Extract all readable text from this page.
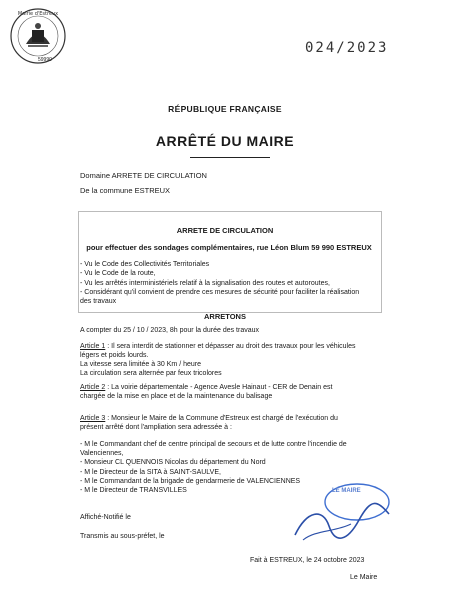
Mairie d'Estreux
59990
024/2023
RÉPUBLIQUE FRANÇAISE
ARRÊTÉ DU MAIRE
Domaine ARRETE DE CIRCULATION
De la commune ESTREUX
ARRETE DE CIRCULATION
pour effectuer des sondages complémentaires, rue Léon Blum 59 990 ESTREUX
- Vu le Code des Collectivités Territoriales
- Vu le Code de la route,
- Vu les arrêtés interministériels relatif à la signalisation des routes et autoroutes,
- Considérant qu'il convient de prendre ces mesures de sécurité pour faciliter la réalisation
des travaux
ARRETONS
A compter du 25 / 10 / 2023, 8h pour la durée des travaux
Article 1 : Il sera interdit de stationner et dépasser au droit des travaux pour les véhicules
légers et poids lourds.
La vitesse sera limitée à 30 Km / heure
La circulation sera alternée par feux tricolores
Article 2 : La voirie départementale - Agence Avesle Hainaut - CER de Denain est
chargée de la mise en place et de la maintenance du balisage
Article 3 : Monsieur le Maire de la Commune d'Estreux est chargé de l'exécution du
présent arrêté dont l'ampliation sera adressée à :
- M le Commandant chef de centre principal de secours et de lutte contre l'incendie de
Valenciennes,
- Monsieur CL QUENNOIS Nicolas du département du Nord
- M le Directeur de la SITA à SAINT-SAULVE,
- M le Commandant de la brigade de gendarmerie de VALENCIENNES
- M le Directeur de TRANSVILLES
Affiché-Notifié le
Transmis au sous-préfet, le
LE MAIRE
Fait à ESTREUX, le 24 octobre 2023
Le Maire
